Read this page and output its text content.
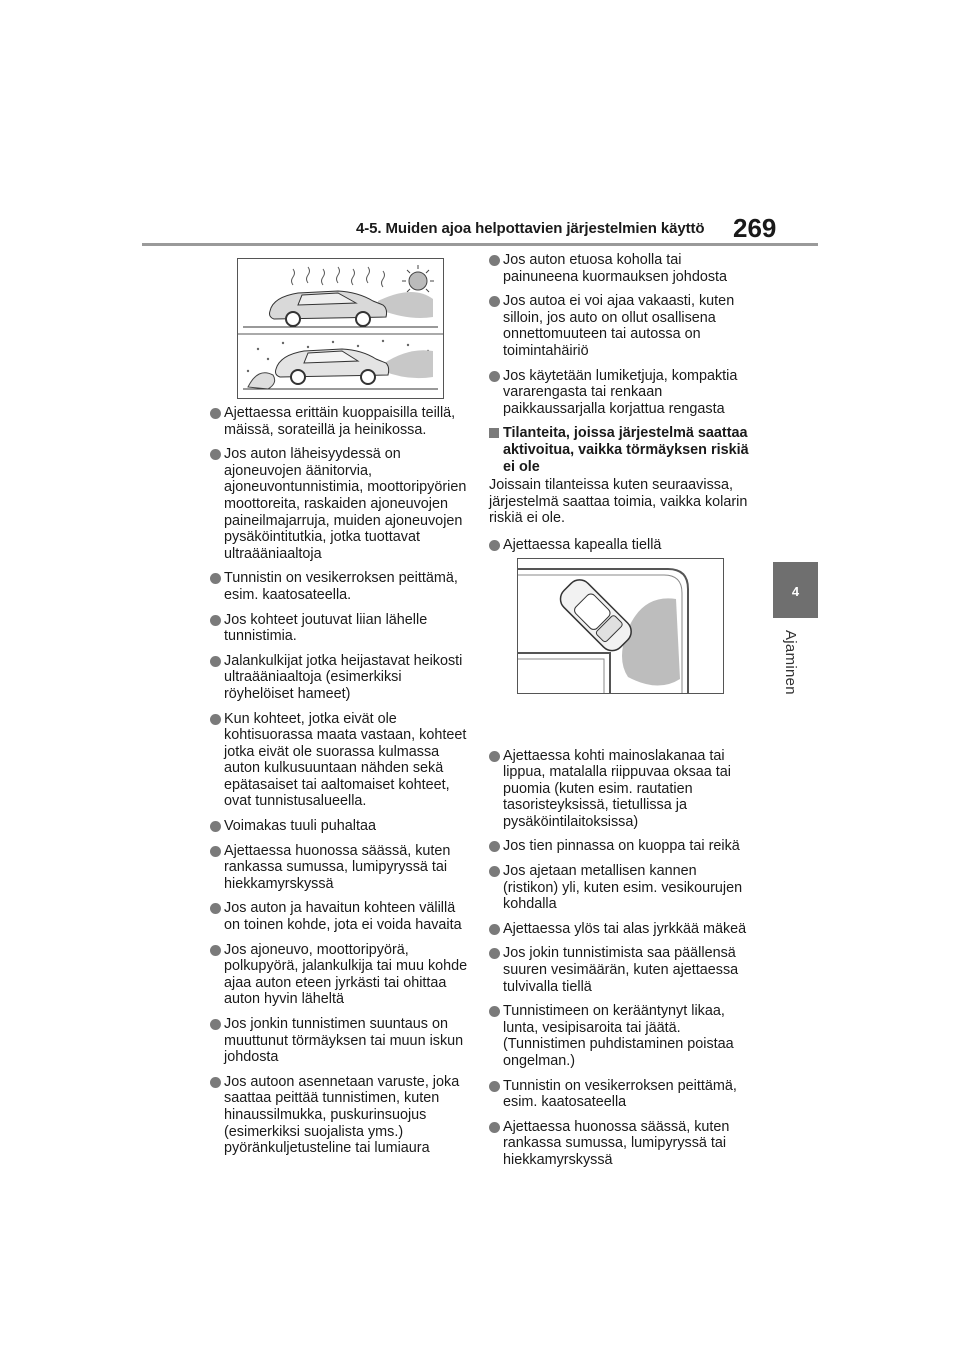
4-5. Muiden ajoa helpottavien järjestelmien käyttö 269
4
Ajaminen
Ajettaessa erittäin kuoppaisilla teillä, mäissä, sorateillä ja heinikossa.
Jos auton läheisyydessä on ajoneuvojen äänitorvia, ajoneuvontunnistimia, moottoripyörien moottoreita, raskaiden ajoneuvojen paineilmajarruja, muiden ajoneuvojen pysäköintitutkia, jotka tuottavat ultraääniaaltoja
Tunnistin on vesikerroksen peittämä, esim. kaatosateella.
Jos kohteet joutuvat liian lähelle tunnistimia.
Jalankulkijat jotka heijastavat heikosti ultraääniaaltoja (esimerkiksi röyhelöiset hameet)
Kun kohteet, jotka eivät ole kohtisuorassa maata vastaan, kohteet jotka eivät ole suorassa kulmassa auton kulkusuuntaan nähden sekä epätasaiset tai aaltomaiset kohteet, ovat tunnistusalueella.
Voimakas tuuli puhaltaa
Ajettaessa huonossa säässä, kuten rankassa sumussa, lumipyryssä tai hiekkamyrskyssä
Jos auton ja havaitun kohteen välillä on toinen kohde, jota ei voida havaita
Jos ajoneuvo, moottoripyörä, polkupyörä, jalankulkija tai muu kohde ajaa auton eteen jyrkästi tai ohittaa auton hyvin läheltä
Jos jonkin tunnistimen suuntaus on muuttunut törmäyksen tai muun iskun johdosta
Jos autoon asennetaan varuste, joka saattaa peittää tunnistimen, kuten hinaussilmukka, puskurinsuojus (esimerkiksi suojalista yms.) pyöränkuljetusteline tai lumiaura
Jos auton etuosa koholla tai painuneena kuormauksen johdosta
Jos autoa ei voi ajaa vakaasti, kuten silloin, jos auto on ollut osallisena onnettomuuteen tai autossa on toimintahäiriö
Jos käytetään lumiketjuja, kompaktia vararengasta tai renkaan paikkaussarjalla korjattua rengasta
Tilanteita, joissa järjestelmä saattaa aktivoitua, vaikka törmäyksen riskiä ei ole
Joissain tilanteissa kuten seuraavissa, järjestelmä saattaa toimia, vaikka kolarin riskiä ei ole.
Ajettaessa kapealla tiellä
Ajettaessa kohti mainoslakanaa tai lippua, matalalla riippuvaa oksaa tai puomia (kuten esim. rautatien tasoristeyksissä, tietullissa ja pysäköintilaitoksissa)
Jos tien pinnassa on kuoppa tai reikä
Jos ajetaan metallisen kannen (ristikon) yli, kuten esim. vesikourujen kohdalla
Ajettaessa ylös tai alas jyrkkää mäkeä
Jos jokin tunnistimista saa päällensä suuren vesimäärän, kuten ajettaessa tulvivalla tiellä
Tunnistimeen on kerääntynyt likaa, lunta, vesipisaroita tai jäätä. (Tunnistimen puhdistaminen poistaa ongelman.)
Tunnistin on vesikerroksen peittämä, esim. kaatosateella
Ajettaessa huonossa säässä, kuten rankassa sumussa, lumipyryssä tai hiekkamyrskyssä
